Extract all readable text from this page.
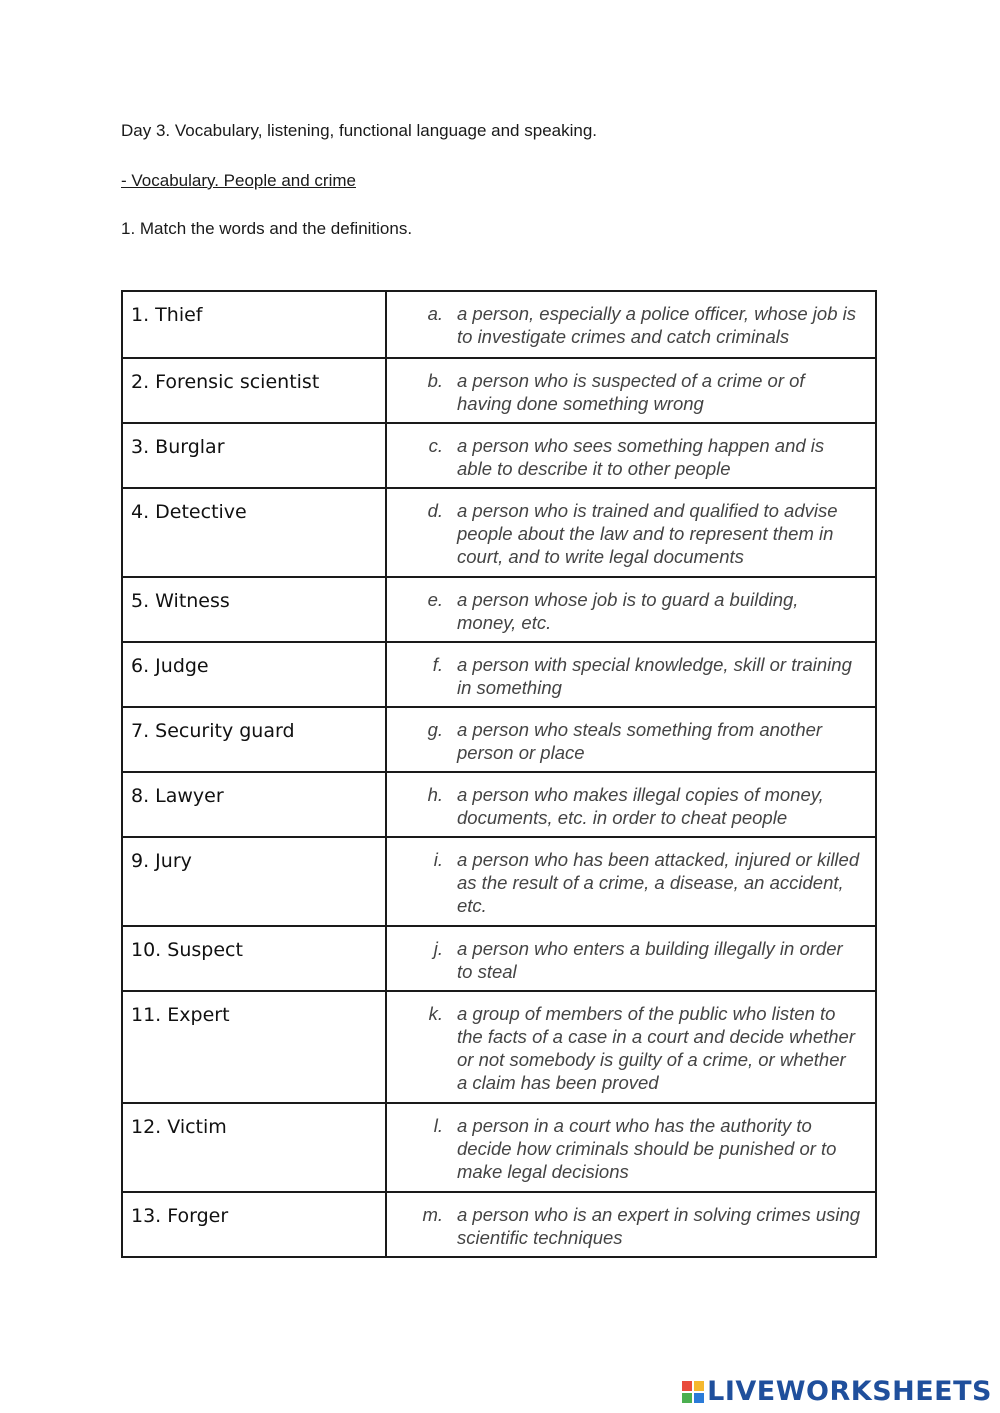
Day 3. Vocabulary, listening, functional language and speaking.
- Vocabulary. People and crime
1. Match the words and the definitions.
1. Thief	a. a person, especially a police officer, whose job is to investigate crimes and catch criminals

2. Forensic scientist	b. a person who is suspected of a crime or of having done something wrong

3. Burglar	c. a person who sees something happen and is able to describe it to other people

4. Detective	d. a person who is trained and qualified to advise people about the law and to represent them in court, and to write legal documents

5. Witness	e. a person whose job is to guard a building, money, etc.

6. Judge	f. a person with special knowledge, skill or training in something

7. Security guard	g. a person who steals something from another person or place

8. Lawyer	h. a person who makes illegal copies of money, documents, etc. in order to cheat people

9. Jury	i. a person who has been attacked, injured or killed as the result of a crime, a disease, an accident, etc.

10. Suspect	j. a person who enters a building illegally in order to steal

11. Expert	k. a group of members of the public who listen to the facts of a case in a court and decide whether or not somebody is guilty of a crime, or whether a claim has been proved

12. Victim	l. a person in a court who has the authority to decide how criminals should be punished or to make legal decisions

13. Forger	m. a person who is an expert in solving crimes using scientific techniques
LIVEWORKSHEETS
